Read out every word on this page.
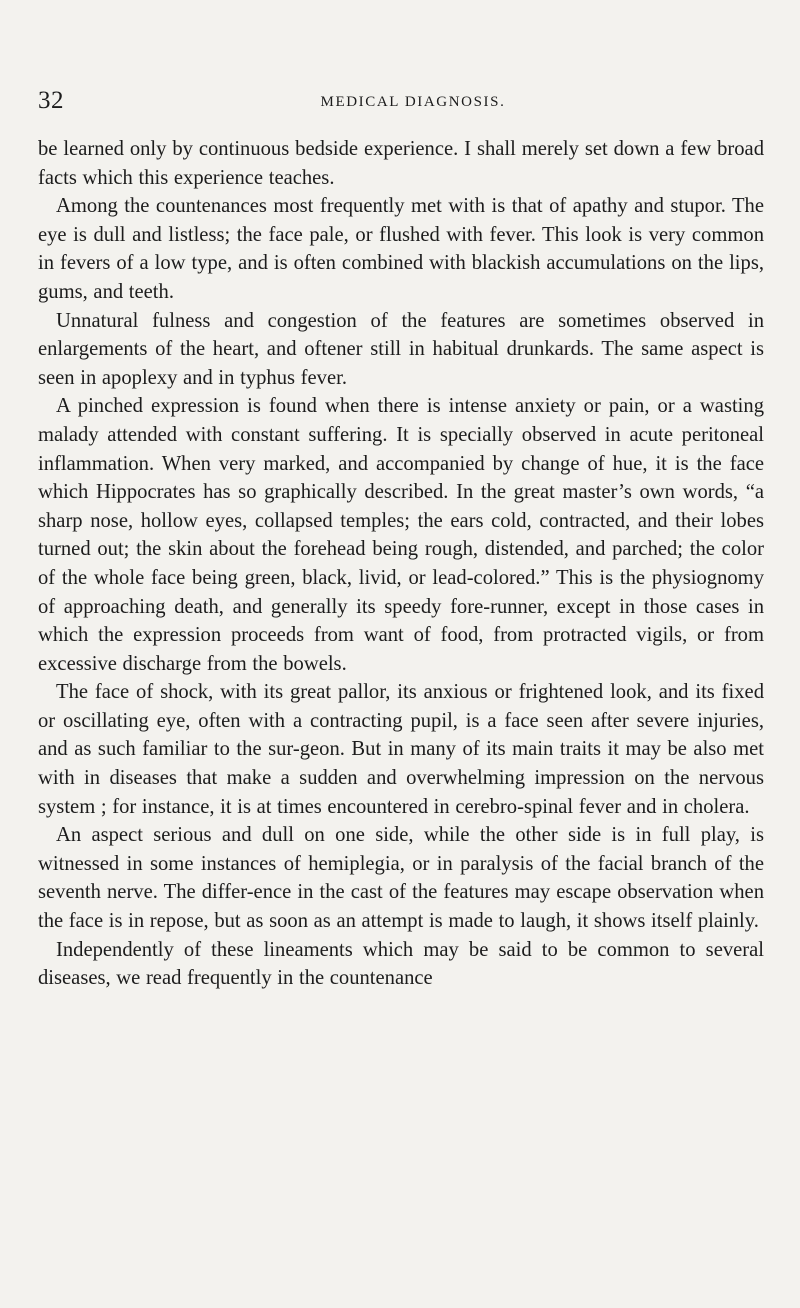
32	MEDICAL DIAGNOSIS.

be learned only by continuous bedside experience. I shall merely set down a few broad facts which this experience teaches.

Among the countenances most frequently met with is that of apathy and stupor. The eye is dull and listless; the face pale, or flushed with fever. This look is very common in fevers of a low type, and is often combined with blackish accumulations on the lips, gums, and teeth.

Unnatural fulness and congestion of the features are sometimes observed in enlargements of the heart, and oftener still in habitual drunkards. The same aspect is seen in apoplexy and in typhus fever.

A pinched expression is found when there is intense anxiety or pain, or a wasting malady attended with constant suffering. It is specially observed in acute peritoneal inflammation. When very marked, and accompanied by change of hue, it is the face which Hippocrates has so graphically described. In the great master’s own words, “a sharp nose, hollow eyes, collapsed temples; the ears cold, contracted, and their lobes turned out; the skin about the forehead being rough, distended, and parched; the color of the whole face being green, black, livid, or lead-colored.” This is the physiognomy of approaching death, and generally its speedy fore-runner, except in those cases in which the expression proceeds from want of food, from protracted vigils, or from excessive discharge from the bowels.

The face of shock, with its great pallor, its anxious or frightened look, and its fixed or oscillating eye, often with a contracting pupil, is a face seen after severe injuries, and as such familiar to the sur-geon. But in many of its main traits it may be also met with in diseases that make a sudden and overwhelming impression on the nervous system ; for instance, it is at times encountered in cerebro-spinal fever and in cholera.

An aspect serious and dull on one side, while the other side is in full play, is witnessed in some instances of hemiplegia, or in paralysis of the facial branch of the seventh nerve. The differ-ence in the cast of the features may escape observation when the face is in repose, but as soon as an attempt is made to laugh, it shows itself plainly.

Independently of these lineaments which may be said to be common to several diseases, we read frequently in the countenance
